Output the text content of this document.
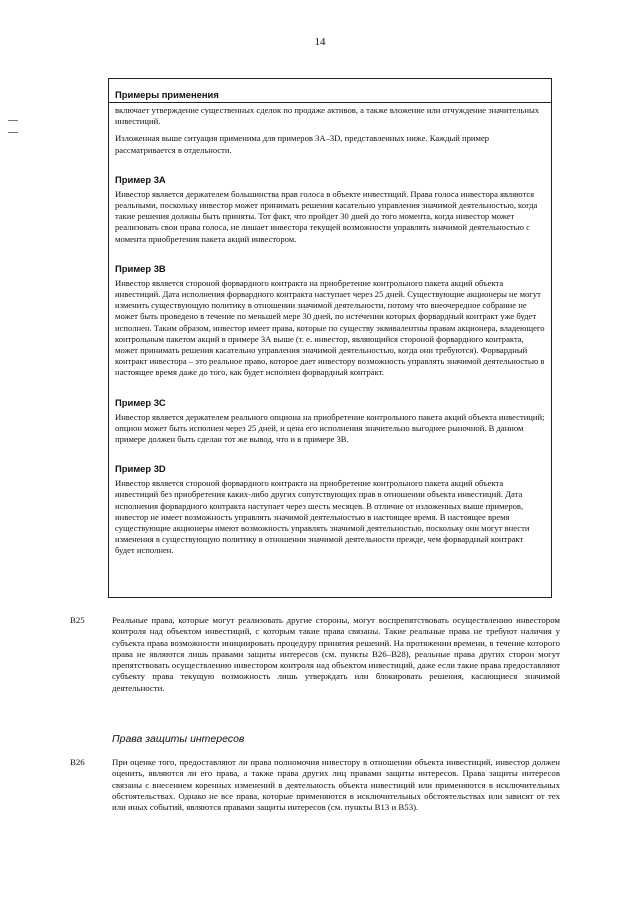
14
Примеры применения

включает утверждение существенных сделок по продаже активов, а также вложение или отчуждение значительных инвестиций.

Изложенная выше ситуация применима для примеров 3A–3D, представленных ниже. Каждый пример рассматривается в отдельности.

Пример 3А

Инвестор является держателем большинства прав голоса в объекте инвестиций. Права голоса инвестора являются реальными, поскольку инвестор может принимать решения касательно управления значимой деятельностью, когда такие решения должны быть приняты. Тот факт, что пройдет 30 дней до того момента, когда инвестор может реализовать свои права голоса, не лишает инвестора текущей возможности управлять значимой деятельностью с момента приобретения пакета акций инвестором.

Пример 3В

Инвестор является стороной форвардного контракта на приобретение контрольного пакета акций объекта инвестиций. Дата исполнения форвардного контракта наступает через 25 дней. Существующие акционеры не могут изменить существующую политику в отношении значимой деятельности, потому что внеочередное собрание не может быть проведено в течение по меньшей мере 30 дней, по истечении которых форвардный контракт уже будет исполнен. Таким образом, инвестор имеет права, которые по существу эквивалентны правам акционера, владеющего контрольным пакетом акций в примере 3А выше (т. е. инвестор, являющийся стороной форвардного контракта, может принимать решения касательно управления значимой деятельностью, когда они требуются). Форвардный контракт инвестора – это реальное право, которое дает инвестору возможность управлять значимой деятельностью в настоящее время даже до того, как будет исполнен форвардный контракт.

Пример 3С

Инвестор является держателем реального опциона на приобретение контрольного пакета акций объекта инвестиций; опцион может быть исполнен через 25 дней, и цена его исполнения значительно выгоднее рыночной. В данном примере должен быть сделан тот же вывод, что и в примере 3В.

Пример 3D

Инвестор является стороной форвардного контракта на приобретение контрольного пакета акций объекта инвестиций без приобретения каких-либо других сопутствующих прав в отношении объекта инвестиций. Дата исполнения форвардного контракта наступает через шесть месяцев. В отличие от изложенных выше примеров, инвестор не имеет возможность управлять значимой деятельностью в настоящее время. В настоящее время существующие акционеры имеют возможность управлять значимой деятельностью, поскольку они могут внести изменения в существующую политику в отношении значимой деятельности прежде, чем форвардный контракт будет исполнен.

B25	Реальные права, которые могут реализовать другие стороны, могут воспрепятствовать осуществлению инвестором контроля над объектом инвестиций, с которым такие права связаны. Такие реальные права не требуют наличия у субъекта права возможности инициировать процедуру принятия решений. На протяжении времени, в течение которого права не являются лишь правами защиты интересов (см. пункты B26–B28), реальные права других сторон могут препятствовать осуществлению инвестором контроля над объектом инвестиций, даже если такие права предоставляют субъекту права текущую возможность лишь утверждать или блокировать решения, касающиеся значимой деятельности.
Права защиты интересов
B26	При оценке того, предоставляют ли права полномочия инвестору в отношении объекта инвестиций, инвестор должен оценить, являются ли его права, а также права других лиц правами защиты интересов. Права защиты интересов связаны с внесением коренных изменений в деятельность объекта инвестиций или применяются в исключительных обстоятельствах. Однако не все права, которые применяются в исключительных обстоятельствах или зависят от тех или иных событий, являются правами защиты интересов (см. пункты B13 и B53).
